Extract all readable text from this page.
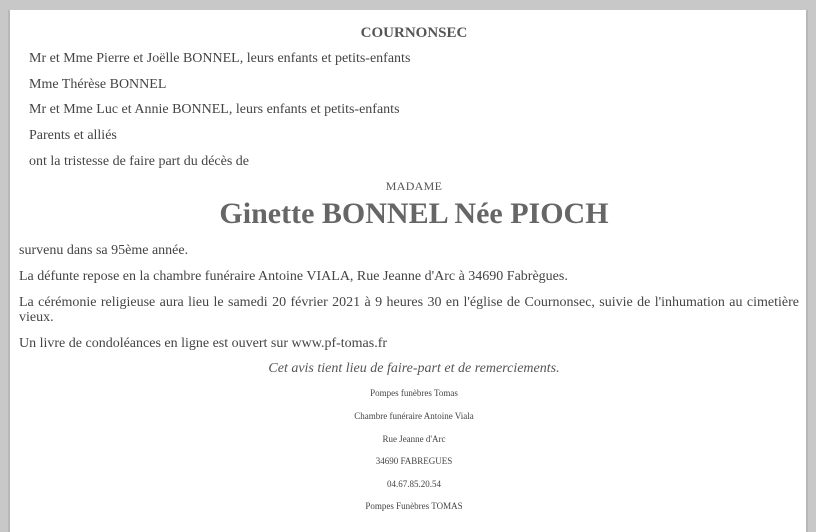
COURNONSEC
Mr et Mme Pierre et Joëlle BONNEL, leurs enfants et petits-enfants
Mme Thérèse BONNEL
Mr et Mme Luc et Annie BONNEL, leurs enfants et petits-enfants
Parents et alliés
ont la tristesse de faire part du décès de
MADAME
Ginette BONNEL Née PIOCH
survenu dans sa 95ème année.
La défunte repose en la chambre funéraire Antoine VIALA, Rue Jeanne d'Arc à 34690 Fabrègues.
La cérémonie religieuse aura lieu le samedi 20 février 2021 à 9 heures 30 en l'église de Cournonsec, suivie de l'inhumation au cimetière vieux.
Un livre de condoléances en ligne est ouvert sur www.pf-tomas.fr
Cet avis tient lieu de faire-part et de remerciements.
Pompes funèbres Tomas
Chambre funéraire Antoine Viala
Rue Jeanne d'Arc
34690 FABREGUES
04.67.85.20.54
Pompes Funèbres TOMAS
